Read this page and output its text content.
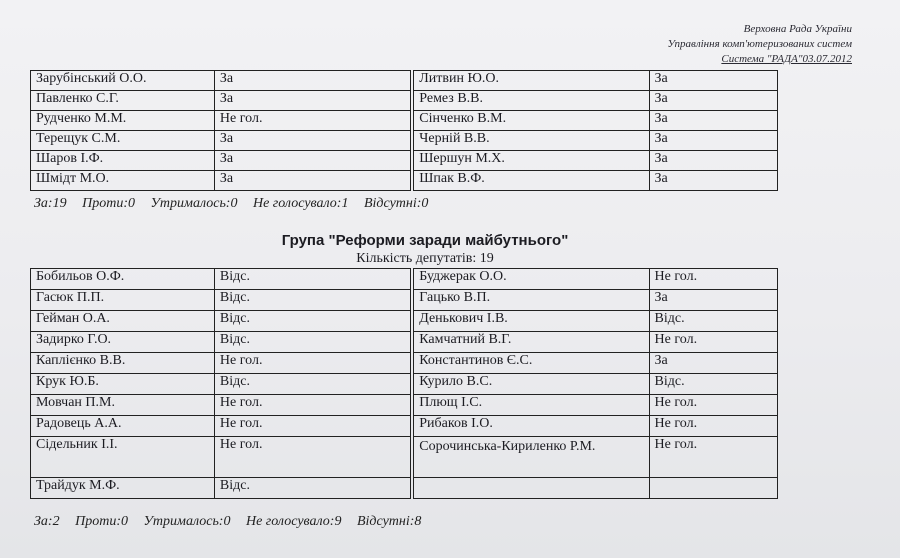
Верховна Рада України
Управління комп'ютеризованих систем
Система "РАДА"03.07.2012
Зарубінський О.О.	За		Литвин Ю.О.	За
Павленко С.Г.	За		Ремез В.В.	За
Рудченко М.М.	Не гол.		Сінченко В.М.	За
Терещук С.М.	За		Черній В.В.	За
Шаров І.Ф.	За		Шершун М.Х.	За
Шмідт М.О.	За		Шпак В.Ф.	За
За:19 Проти:0 Утрималось:0 Не голосувало:1 Відсутні:0
Група "Реформи заради майбутнього"
Кількість депутатів: 19
Бобильов О.Ф.	Відс.		Буджерак О.О.	Не гол.
Гасюк П.П.	Відс.		Гацько В.П.	За
Гейман О.А.	Відс.		Денькович І.В.	Відс.
Задирко Г.О.	Відс.		Камчатний В.Г.	Не гол.
Каплієнко В.В.	Не гол.		Константинов Є.С.	За
Крук Ю.Б.	Відс.		Курило В.С.	Відс.
Мовчан П.М.	Не гол.		Плющ І.С.	Не гол.
Радовець А.А.	Не гол.		Рибаков І.О.	Не гол.
Сідельник І.І.	Не гол.		Сорочинська-Кириленко Р.М.	Не гол.
Трайдук М.Ф.	Відс.			
За:2 Проти:0 Утрималось:0 Не голосувало:9 Відсутні:8
